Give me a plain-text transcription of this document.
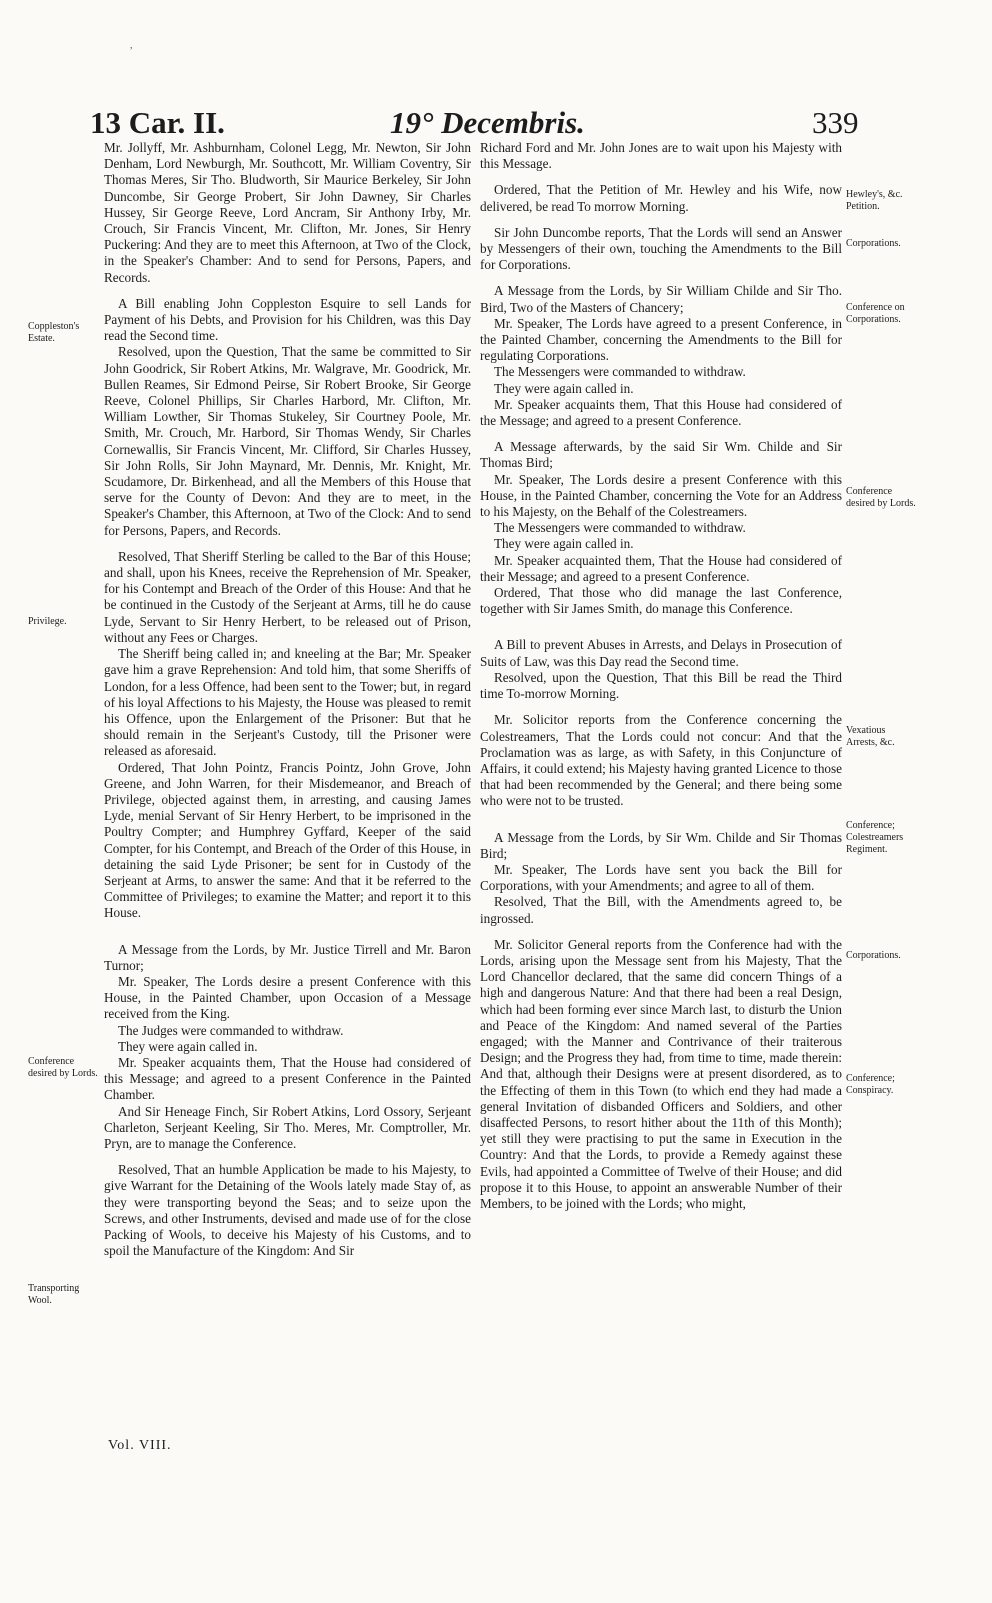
,
13 Car. II.	19° Decembris.	339

Mr. Jollyff, Mr. Ashburnham, Colonel Legg, Mr. Newton, Sir John Denham, Lord Newburgh, Mr. Southcott, Mr. William Coventry, Sir Thomas Meres, Sir Tho. Bludworth, Sir Maurice Berkeley, Sir John Duncombe, Sir George Probert, Sir John Dawney, Sir Charles Hussey, Sir George Reeve, Lord Ancram, Sir Anthony Irby, Mr. Crouch, Sir Francis Vincent, Mr. Clifton, Mr. Jones, Sir Henry Puckering: And they are to meet this Afternoon, at Two of the Clock, in the Speaker's Chamber: And to send for Persons, Papers, and Records.

A Bill enabling John Coppleston Esquire to sell Lands for Payment of his Debts, and Provision for his Children, was this Day read the Second time.

Resolved, upon the Question, That the same be committed to Sir John Goodrick, Sir Robert Atkins, Mr. Walgrave, Mr. Goodrick, Mr. Bullen Reames, Sir Edmond Peirse, Sir Robert Brooke, Sir George Reeve, Colonel Phillips, Sir Charles Harbord, Mr. Clifton, Mr. William Lowther, Sir Thomas Stukeley, Sir Courtney Poole, Mr. Smith, Mr. Crouch, Mr. Harbord, Sir Thomas Wendy, Sir Charles Cornewallis, Sir Francis Vincent, Mr. Clifford, Sir Charles Hussey, Sir John Rolls, Sir John Maynard, Mr. Dennis, Mr. Knight, Mr. Scudamore, Dr. Birkenhead, and all the Members of this House that serve for the County of Devon: And they are to meet, in the Speaker's Chamber, this Afternoon, at Two of the Clock: And to send for Persons, Papers, and Records.

Resolved, That Sheriff Sterling be called to the Bar of this House; and shall, upon his Knees, receive the Reprehension of Mr. Speaker, for his Contempt and Breach of the Order of this House: And that he be continued in the Custody of the Serjeant at Arms, till he do cause Lyde, Servant to Sir Henry Herbert, to be released out of Prison, without any Fees or Charges.

The Sheriff being called in; and kneeling at the Bar; Mr. Speaker gave him a grave Reprehension: And told him, that some Sheriffs of London, for a less Offence, had been sent to the Tower; but, in regard of his loyal Affections to his Majesty, the House was pleased to remit his Offence, upon the Enlargement of the Prisoner: But that he should remain in the Serjeant's Custody, till the Prisoner were released as aforesaid.

Ordered, That John Pointz, Francis Pointz, John Grove, John Greene, and John Warren, for their Misdemeanor, and Breach of Privilege, objected against them, in arresting, and causing James Lyde, menial Servant of Sir Henry Herbert, to be imprisoned in the Poultry Compter; and Humphrey Gyffard, Keeper of the said Compter, for his Contempt, and Breach of the Order of this House, in detaining the said Lyde Prisoner; be sent for in Custody of the Serjeant at Arms, to answer the same: And that it be referred to the Committee of Privileges; to examine the Matter; and report it to this House.

A Message from the Lords, by Mr. Justice Tirrell and Mr. Baron Turnor;

Mr. Speaker, The Lords desire a present Conference with this House, in the Painted Chamber, upon Occasion of a Message received from the King.

The Judges were commanded to withdraw.

They were again called in.

Mr. Speaker acquaints them, That the House had considered of this Message; and agreed to a present Conference in the Painted Chamber.

And Sir Heneage Finch, Sir Robert Atkins, Lord Ossory, Serjeant Charleton, Serjeant Keeling, Sir Tho. Meres, Mr. Comptroller, Mr. Pryn, are to manage the Conference.

Resolved, That an humble Application be made to his Majesty, to give Warrant for the Detaining of the Wools lately made Stay of, as they were transporting beyond the Seas; and to seize upon the Screws, and other Instruments, devised and made use of for the close Packing of Wools, to deceive his Majesty of his Customs, and to spoil the Manufacture of the Kingdom: And Sir

Richard Ford and Mr. John Jones are to wait upon his Majesty with this Message.

Ordered, That the Petition of Mr. Hewley and his Wife, now delivered, be read To morrow Morning.

Sir John Duncombe reports, That the Lords will send an Answer by Messengers of their own, touching the Amendments to the Bill for Corporations.

A Message from the Lords, by Sir William Childe and Sir Tho. Bird, Two of the Masters of Chancery;

Mr. Speaker, The Lords have agreed to a present Conference, in the Painted Chamber, concerning the Amendments to the Bill for regulating Corporations.

The Messengers were commanded to withdraw.

They were again called in.

Mr. Speaker acquaints them, That this House had considered of the Message; and agreed to a present Conference.

A Message afterwards, by the said Sir Wm. Childe and Sir Thomas Bird;

Mr. Speaker, The Lords desire a present Conference with this House, in the Painted Chamber, concerning the Vote for an Address to his Majesty, on the Behalf of the Colestreamers.

The Messengers were commanded to withdraw.

They were again called in.

Mr. Speaker acquainted them, That the House had considered of their Message; and agreed to a present Conference.

Ordered, That those who did manage the last Conference, together with Sir James Smith, do manage this Conference.

A Bill to prevent Abuses in Arrests, and Delays in Prosecution of Suits of Law, was this Day read the Second time.

Resolved, upon the Question, That this Bill be read the Third time To-morrow Morning.

Mr. Solicitor reports from the Conference concerning the Colestreamers, That the Lords could not concur: And that the Proclamation was as large, as with Safety, in this Conjuncture of Affairs, it could extend; his Majesty having granted Licence to those that had been recommended by the General; and there being some who were not to be trusted.

A Message from the Lords, by Sir Wm. Childe and Sir Thomas Bird;

Mr. Speaker, The Lords have sent you back the Bill for Corporations, with your Amendments; and agree to all of them.

Resolved, That the Bill, with the Amendments agreed to, be ingrossed.

Mr. Solicitor General reports from the Conference had with the Lords, arising upon the Message sent from his Majesty, That the Lord Chancellor declared, that the same did concern Things of a high and dangerous Nature: And that there had been a real Design, which had been forming ever since March last, to disturb the Union and Peace of the Kingdom: And named several of the Parties engaged; with the Manner and Contrivance of their traiterous Design; and the Progress they had, from time to time, made therein: And that, although their Designs were at present disordered, as to the Effecting of them in this Town (to which end they had made a general Invitation of disbanded Officers and Soldiers, and other disaffected Persons, to resort hither about the 11th of this Month); yet still they were practising to put the same in Execution in the Country: And that the Lords, to provide a Remedy against these Evils, had appointed a Committee of Twelve of their House; and did propose it to this House, to appoint an answerable Number of their Members, to be joined with the Lords; who might,

Coppleston's Estate.
Privilege.
Conference desired by Lords.
Transporting Wool.
Hewley's, &c. Petition.
Corporations.
Conference on Corporations.
Conference desired by Lords.
Vexatious Arrests, &c.
Conference; Colestreamers Regiment.
Corporations.
Conference; Conspiracy.
Vol. VIII.
